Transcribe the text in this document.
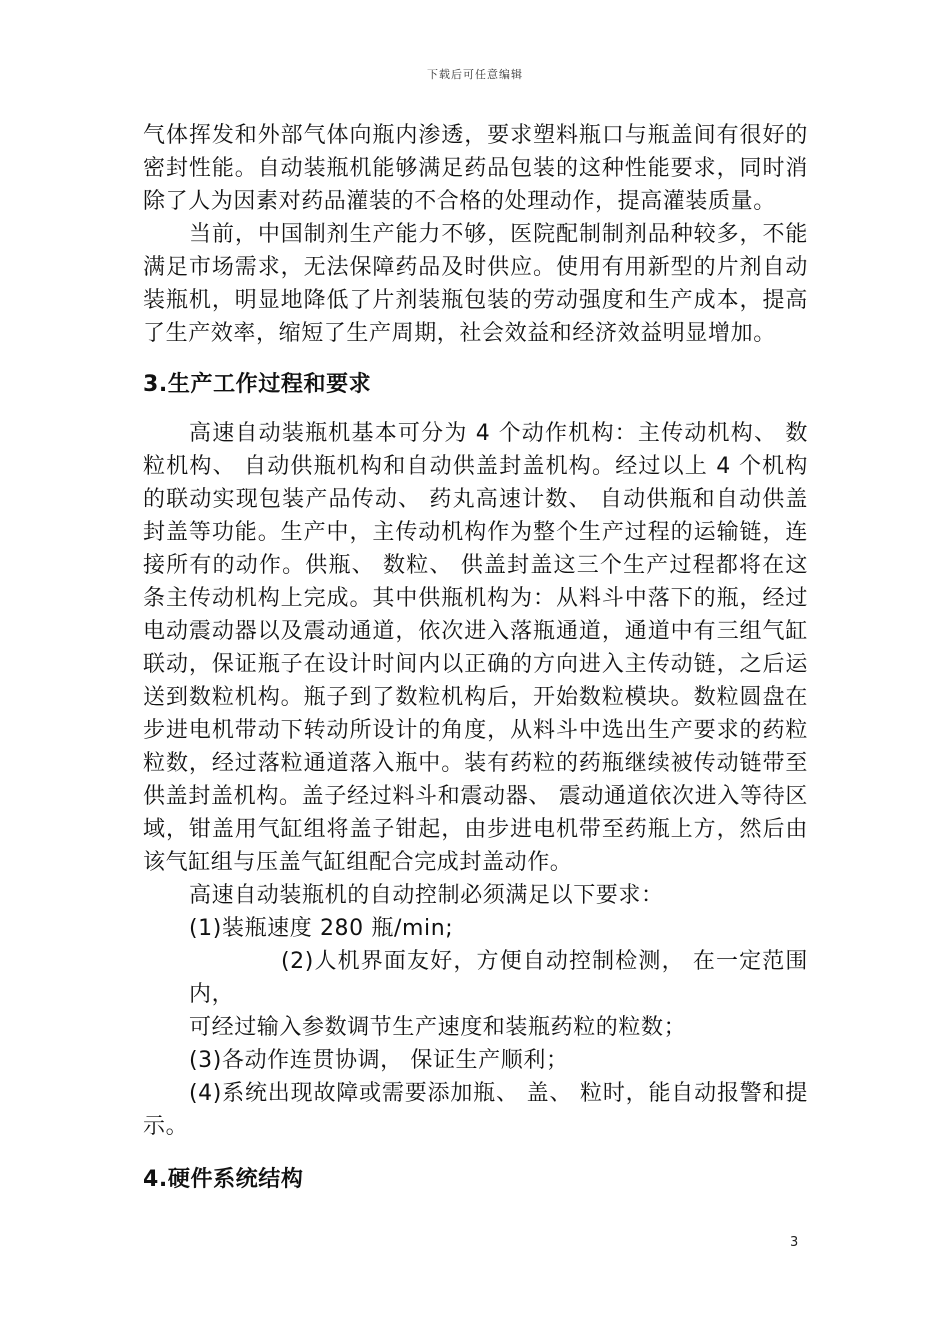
下载后可任意编辑

气体挥发和外部气体向瓶内渗透，要求塑料瓶口与瓶盖间有很好的密封性能。自动装瓶机能够满足药品包装的这种性能要求，同时消除了人为因素对药品灌装的不合格的处理动作，提高灌装质量。

当前，中国制剂生产能力不够，医院配制制剂品种较多，不能满足市场需求，无法保障药品及时供应。使用有用新型的片剂自动装瓶机，明显地降低了片剂装瓶包装的劳动强度和生产成本，提高了生产效率，缩短了生产周期，社会效益和经济效益明显增加。

3.生产工作过程和要求

高速自动装瓶机基本可分为 4 个动作机构：主传动机构、 数粒机构、 自动供瓶机构和自动供盖封盖机构。经过以上 4 个机构的联动实现包装产品传动、 药丸高速计数、 自动供瓶和自动供盖封盖等功能。生产中，主传动机构作为整个生产过程的运输链，连接所有的动作。供瓶、 数粒、 供盖封盖这三个生产过程都将在这条主传动机构上完成。其中供瓶机构为：从料斗中落下的瓶，经过电动震动器以及震动通道，依次进入落瓶通道，通道中有三组气缸联动，保证瓶子在设计时间内以正确的方向进入主传动链，之后运送到数粒机构。瓶子到了数粒机构后，开始数粒模块。数粒圆盘在步进电机带动下转动所设计的角度，从料斗中选出生产要求的药粒粒数，经过落粒通道落入瓶中。装有药粒的药瓶继续被传动链带至供盖封盖机构。盖子经过料斗和震动器、 震动通道依次进入等待区域，钳盖用气缸组将盖子钳起，由步进电机带至药瓶上方，然后由该气缸组与压盖气缸组配合完成封盖动作。

高速自动装瓶机的自动控制必须满足以下要求：

(1)装瓶速度 280 瓶/min;

(2)人机界面友好，方便自动控制检测， 在一定范围内，
可经过输入参数调节生产速度和装瓶药粒的粒数；

(3)各动作连贯协调， 保证生产顺利；

(4)系统出现故障或需要添加瓶、 盖、 粒时，能自动报警和提示。

4.硬件系统结构
3
